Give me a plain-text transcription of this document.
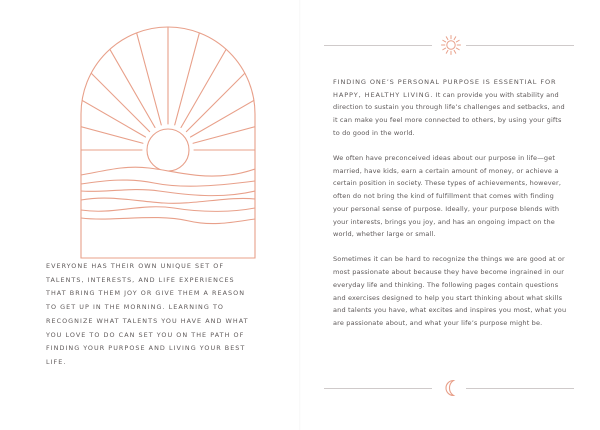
EVERYONE HAS THEIR OWN UNIQUE SET OF TALENTS, INTERESTS, AND LIFE EXPERIENCES THAT BRING THEM JOY OR GIVE THEM A REASON TO GET UP IN THE MORNING. LEARNING TO RECOGNIZE WHAT TALENTS YOU HAVE AND WHAT YOU LOVE TO DO CAN SET YOU ON THE PATH OF FINDING YOUR PURPOSE AND LIVING YOUR BEST LIFE.

FINDING ONE’S PERSONAL PURPOSE IS ESSENTIAL FOR HAPPY, HEALTHY LIVING. It can provide you with stability and direction to sustain you through life’s challenges and setbacks, and it can make you feel more connected to others, by using your gifts to do good in the world.

We often have preconceived ideas about our purpose in life—get married, have kids, earn a certain amount of money, or achieve a certain position in society. These types of achievements, however, often do not bring the kind of fulfillment that comes with finding your personal sense of purpose. Ideally, your purpose blends with your interests, brings you joy, and has an ongoing impact on the world, whether large or small.

Sometimes it can be hard to recognize the things we are good at or most passionate about because they have become ingrained in our everyday life and thinking. The following pages contain questions and exercises designed to help you start thinking about what skills and talents you have, what excites and inspires you most, what you are passionate about, and what your life’s purpose might be.
